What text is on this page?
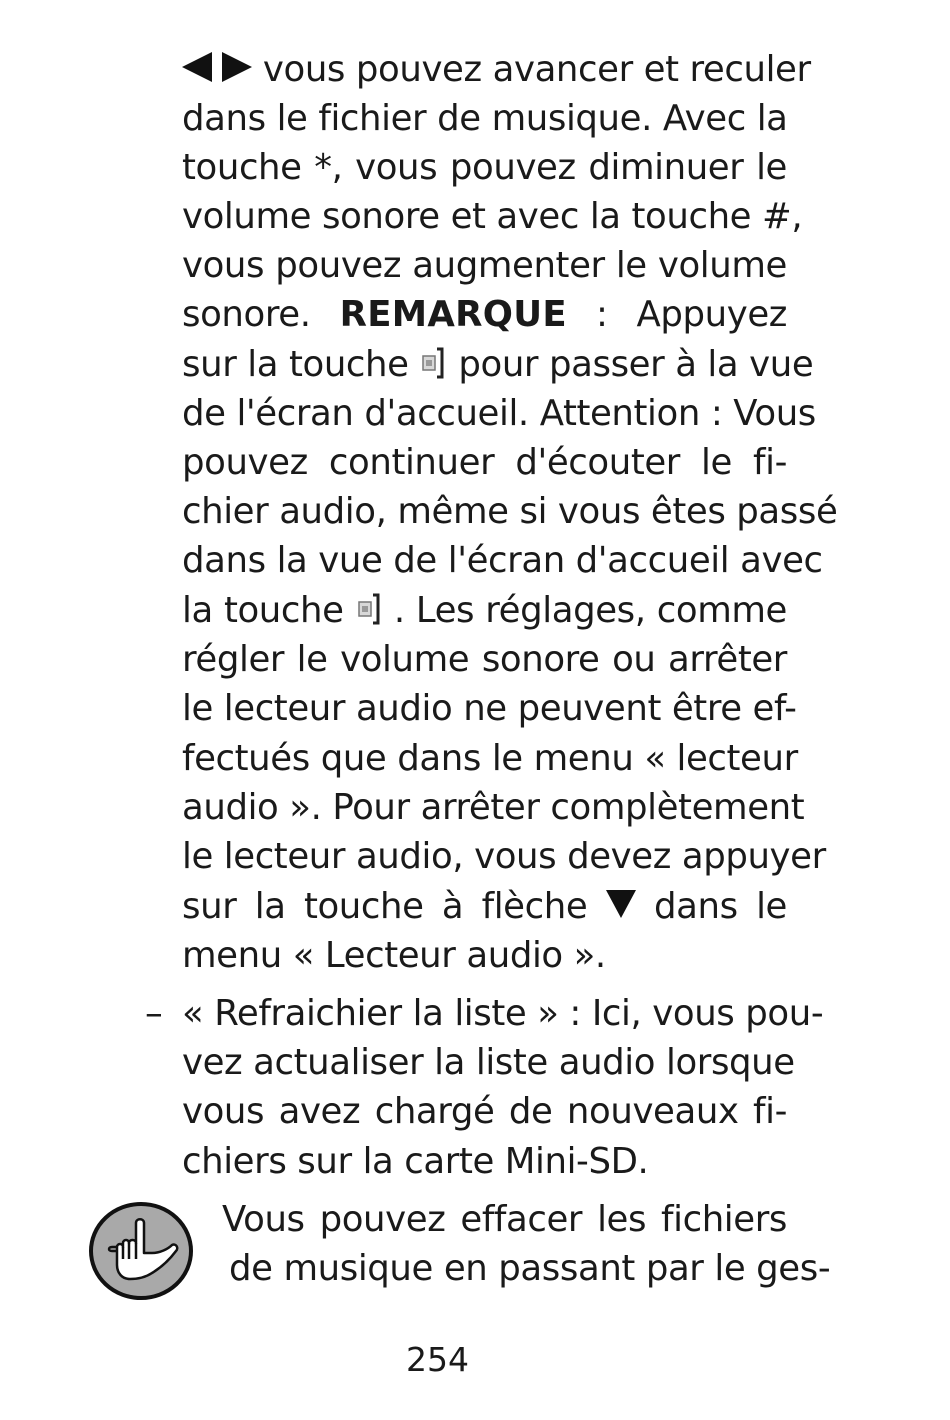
vous pouvez avancer et reculer
dans le fichier de musique. Avec la
touche *, vous pouvez diminuer le
volume sonore et avec la touche #,
vous pouvez augmenter le volume
sonore. REMARQUE : Appuyez
sur la touche pour passer à la vue
de l'écran d'accueil. Attention : Vous
pouvez continuer d'écouter le fi-
chier audio, même si vous êtes passé
dans la vue de l'écran d'accueil avec
la touche . Les réglages, comme
régler le volume sonore ou arrêter
le lecteur audio ne peuvent être ef-
fectués que dans le menu « lecteur
audio ». Pour arrêter complètement
le lecteur audio, vous devez appuyer
sur la touche à flèche dans le
menu « Lecteur audio ».
– « Refraichier la liste » : Ici, vous pou-
vez actualiser la liste audio lorsque
vous avez chargé de nouveaux fi-
chiers sur la carte Mini-SD.
Vous pouvez effacer les fichiers
de musique en passant par le ges-
254
